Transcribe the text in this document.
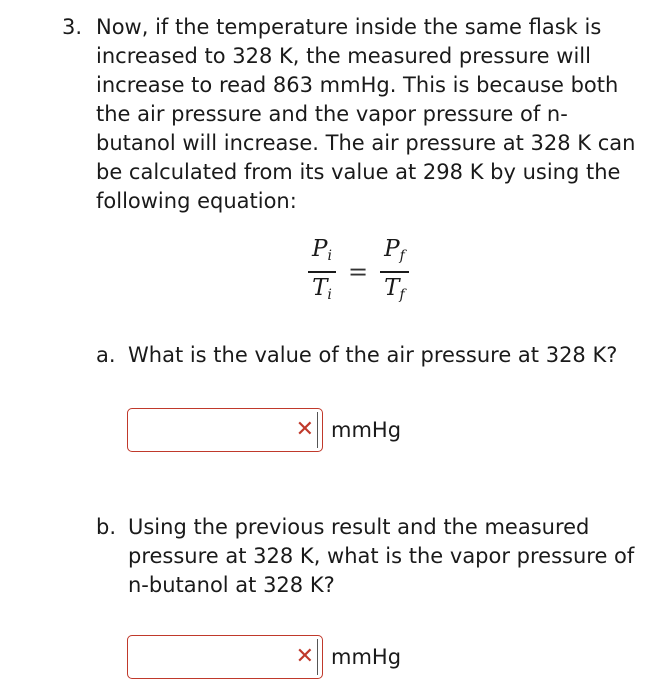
3. Now, if the temperature inside the same flask is
increased to 328 K, the measured pressure will
increase to read 863 mmHg. This is because both
the air pressure and the vapor pressure of n-
butanol will increase. The air pressure at 328 K can
be calculated from its value at 298 K by using the
following equation:
$\frac{P_i}{T_i} = \frac{P_f}{T_f}$
a. What is the value of the air pressure at 328 K?
✕ mmHg
b. Using the previous result and the measured
pressure at 328 K, what is the vapor pressure of
n-butanol at 328 K?
✕ mmHg
